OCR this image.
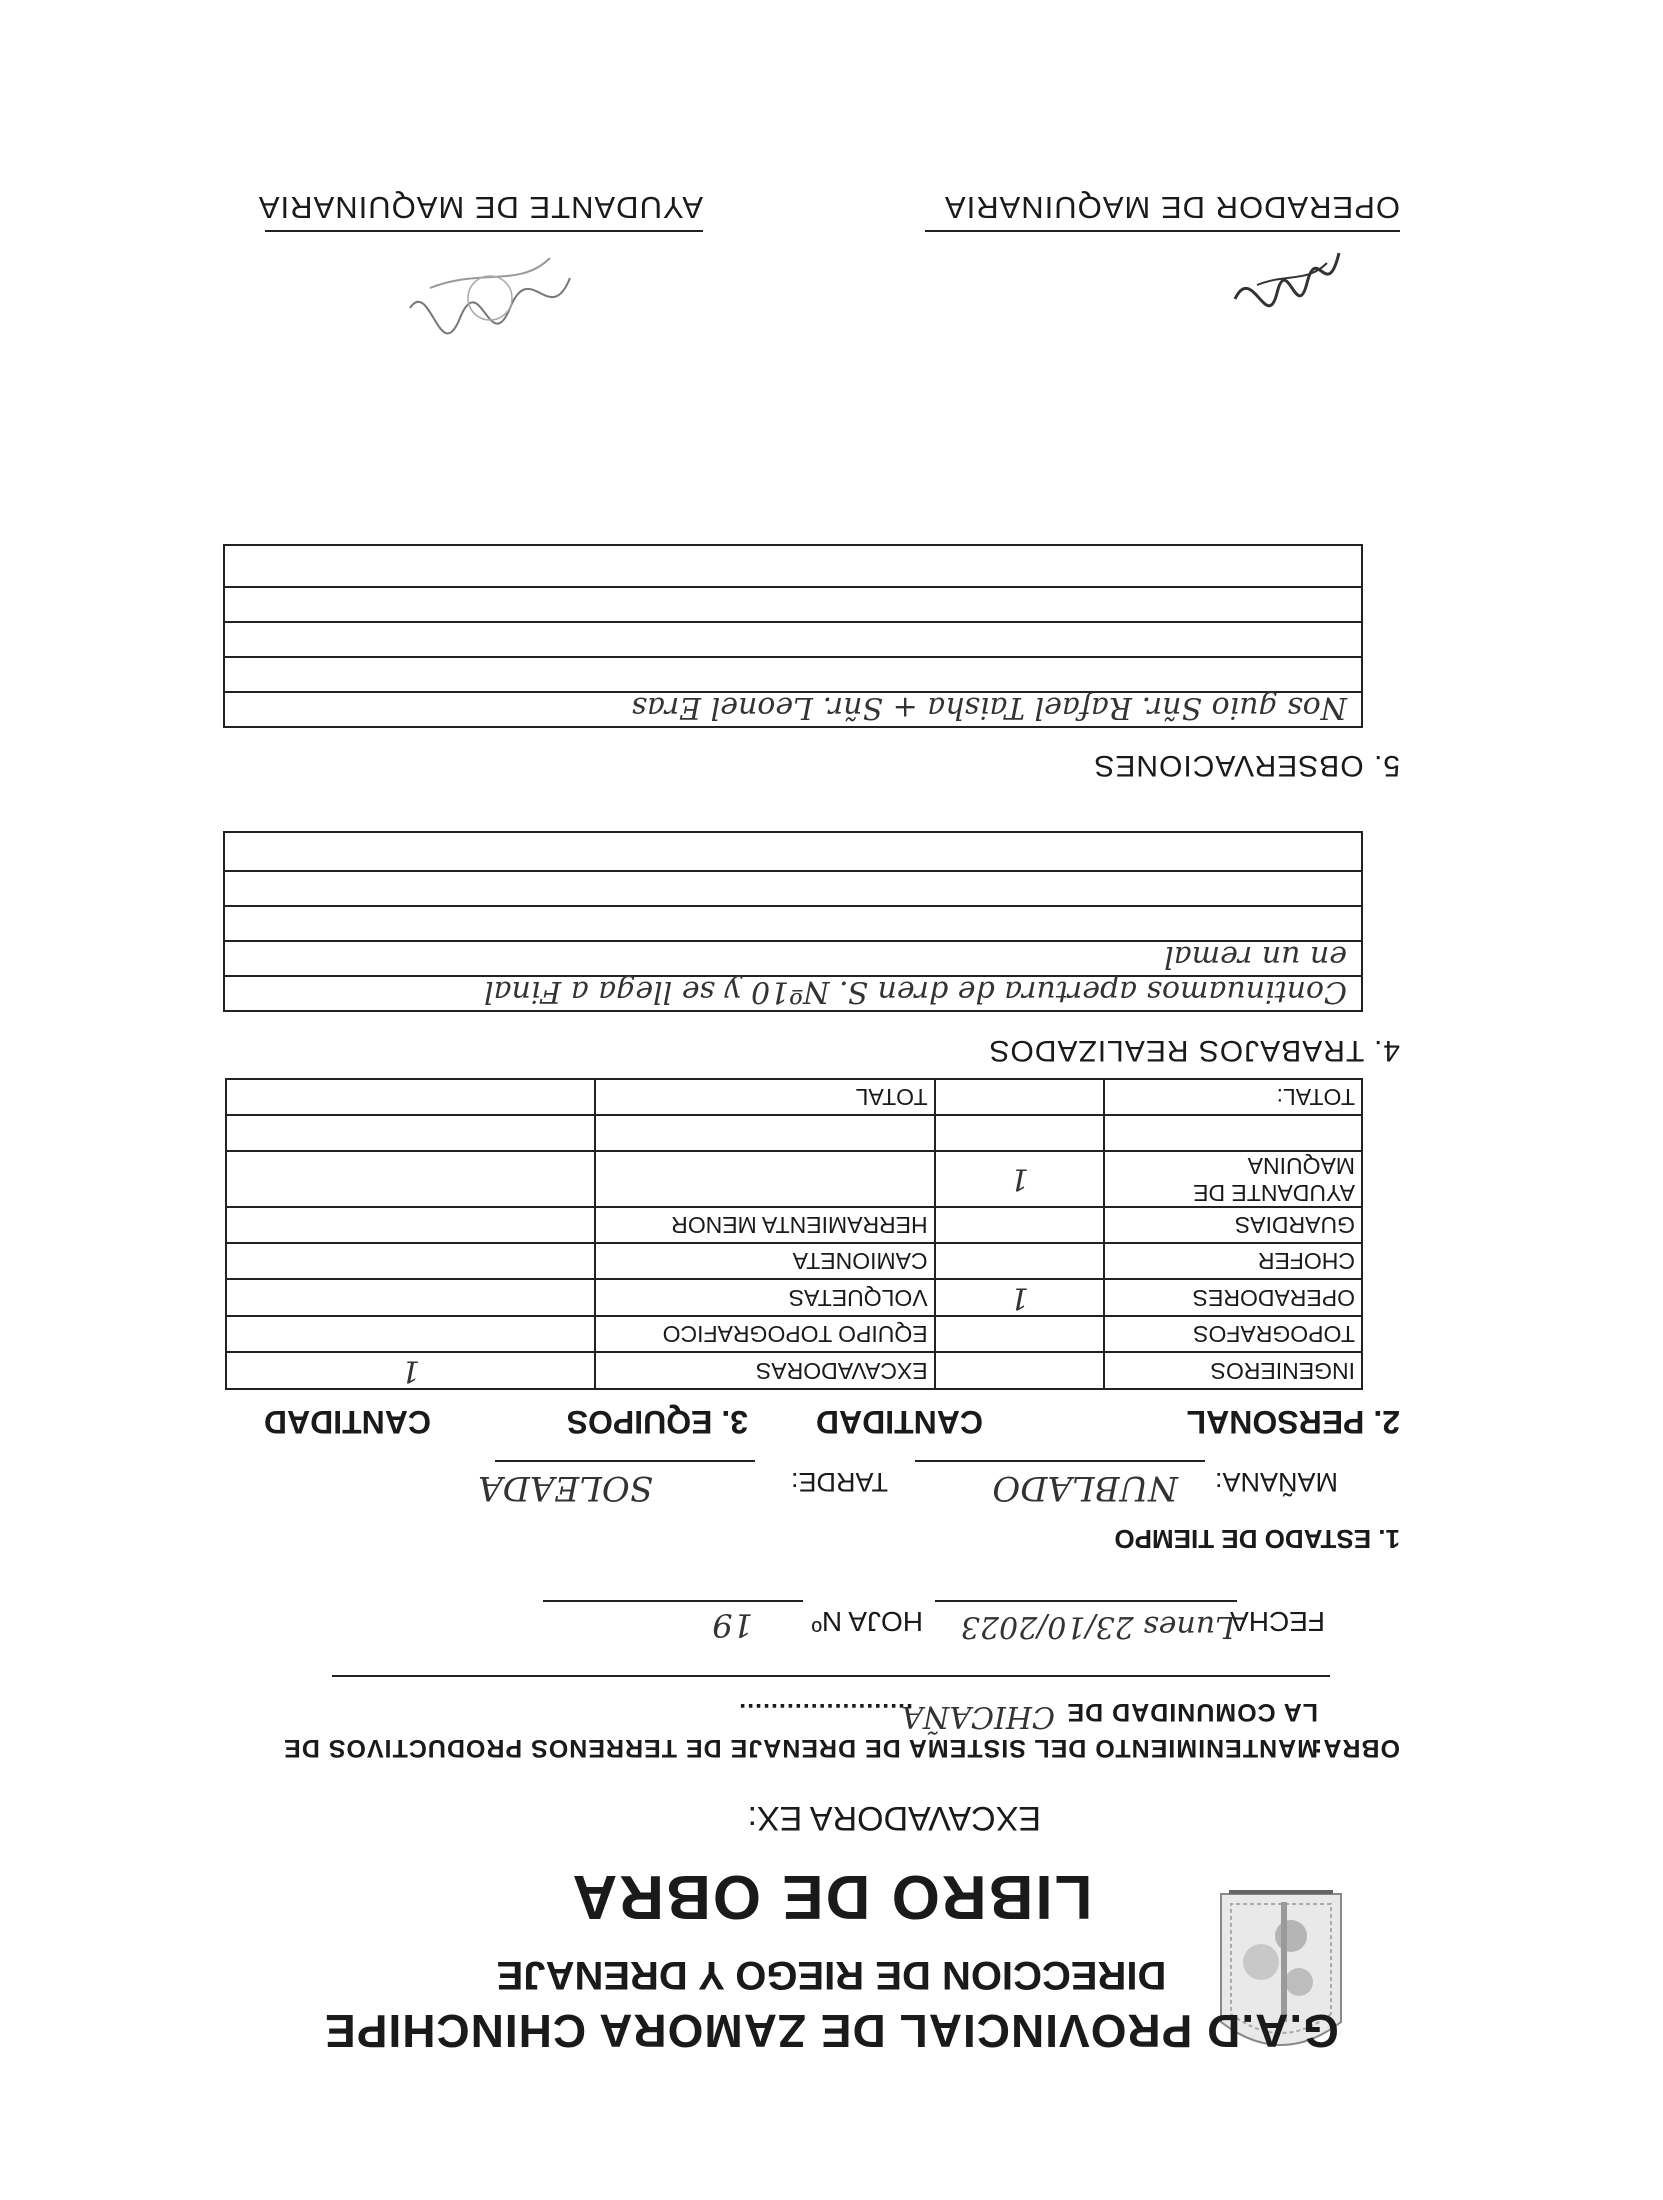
G.A.D PROVINCIAL DE ZAMORA CHINCHIPE
DIRECCION DE RIEGO Y DRENAJE
LIBRO DE OBRA
EXCAVADORA EX:
OBRA:
MANTENIMIENTO DEL SISTEMA DE DRENAJE DE TERRENOS PRODUCTIVOS DE
LA COMUNIDAD DE
CHICAÑA
......................
FECHA
Lunes 23/10/2023
HOJA Nº
19
1. ESTADO DE TIEMPO
MAÑANA:
NUBLADO
TARDE:
SOLEADA
2. PERSONAL
CANTIDAD
3. EQUIPOS
CANTIDAD
INGENIEROS		EXCAVADORAS	1
TOPOGRAFOS		EQUIPO TOPOGRAFICO	
OPERADORES	1	VOLQUETAS	
CHOFER		CAMIONETA	
GUARDIAS		HERRAMIENTA MENOR	
AYUDANTE DE MAQUINA	1		

TOTAL:		TOTAL	
4. TRABAJOS REALIZADOS
Continuamos apertura de dren S. Nº10 y se llega a Final
en un remal
5. OBSERVACIONES
Nos guio Sñr. Rafael Taisha + Sñr. Leonel Eras
OPERADOR DE MAQUINARIA
AYUDANTE DE MAQUINARIA
